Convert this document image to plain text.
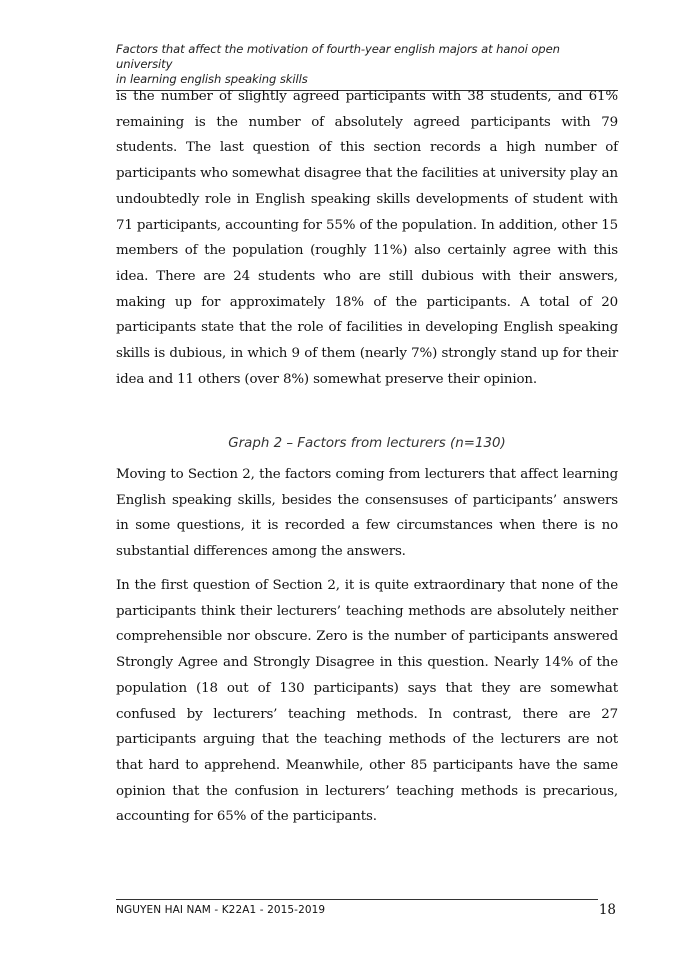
Factors that affect the motivation of fourth-year english majors at hanoi open university
in learning english speaking skills

is the number of slightly agreed participants with 38 students, and 61% remaining is the number of absolutely agreed participants with 79 students. The last question of this section records a high number of participants who somewhat disagree that the facilities at university play an undoubtedly role in English speaking skills developments of student with 71 participants, accounting for 55% of the population. In addition, other 15 members of the population (roughly 11%) also certainly agree with this idea. There are 24 students who are still dubious with their answers, making up for approximately 18% of the participants. A total of 20 participants state that the role of facilities in developing English speaking skills is dubious, in which 9 of them (nearly 7%) strongly stand up for their idea and 11 others (over 8%) somewhat preserve their opinion.

Graph 2 – Factors from lecturers (n=130)

Moving to Section 2, the factors coming from lecturers that affect learning English speaking skills, besides the consensuses of participants’ answers in some questions, it is recorded a few circumstances when there is no substantial differences among the answers.

In the first question of Section 2, it is quite extraordinary that none of the participants think their lecturers’ teaching methods are absolutely neither comprehensible nor obscure. Zero is the number of participants answered Strongly Agree and Strongly Disagree in this question. Nearly 14% of the population (18 out of 130 participants) says that they are somewhat confused by lecturers’ teaching methods. In contrast, there are 27 participants arguing that the teaching methods of the lecturers are not that hard to apprehend. Meanwhile, other 85 participants have the same opinion that the confusion in lecturers’ teaching methods is precarious, accounting for 65% of the participants.

NGUYEN HAI NAM - K22A1 - 2015-2019	18
